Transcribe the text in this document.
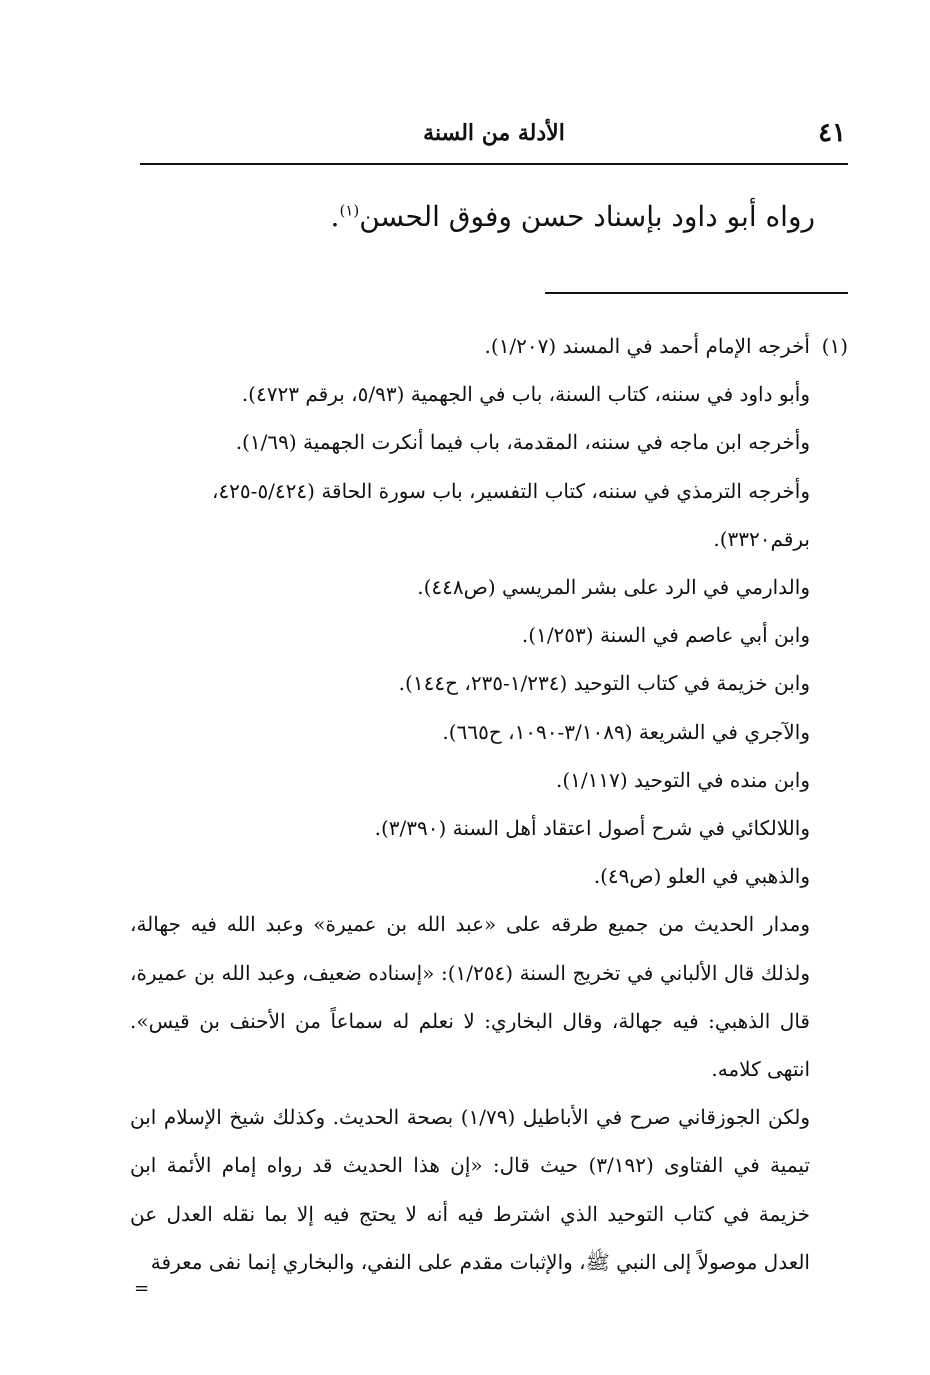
٤١
الأدلة من السنة

رواه أبو داود بإسناد حسن وفوق الحسن$^{(١)}$.

(١)أخرجه الإمام أحمد في المسند (١/٢٠٧).

وأبو داود في سننه، كتاب السنة، باب في الجهمية (٥/٩٣، برقم ٤٧٢٣).

وأخرجه ابن ماجه في سننه، المقدمة، باب فيما أنكرت الجهمية (١/٦٩).

وأخرجه الترمذي في سننه، كتاب التفسير، باب سورة الحاقة (٥/٤٢٤-٤٢٥،

برقم٣٣٢٠).

والدارمي في الرد على بشر المريسي (ص٤٤٨).

وابن أبي عاصم في السنة (١/٢٥٣).

وابن خزيمة في كتاب التوحيد (١/٢٣٤-٢٣٥، ح١٤٤).

والآجري في الشريعة (٣/١٠٨٩-١٠٩٠، ح٦٦٥).

وابن منده في التوحيد (١/١١٧).

واللالكائي في شرح أصول اعتقاد أهل السنة (٣/٣٩٠).

والذهبي في العلو (ص٤٩).

ومدار الحديث من جميع طرقه على «عبد الله بن عميرة» وعبد الله فيه جهالة، ولذلك قال الألباني في تخريج السنة (١/٢٥٤): «إسناده ضعيف، وعبد الله بن عميرة، قال الذهبي: فيه جهالة، وقال البخاري: لا نعلم له سماعاً من الأحنف بن قيس». انتهى كلامه.

ولكن الجوزقاني صرح في الأباطيل (١/٧٩) بصحة الحديث. وكذلك شيخ الإسلام ابن تيمية في الفتاوى (٣/١٩٢) حيث قال: «إن هذا الحديث قد رواه إمام الأئمة ابن خزيمة في كتاب التوحيد الذي اشترط فيه أنه لا يحتج فيه إلا بما نقله العدل عن العدل موصولاً إلى النبي ﷺ، والإثبات مقدم على النفي، والبخاري إنما نفى معرفة

=
